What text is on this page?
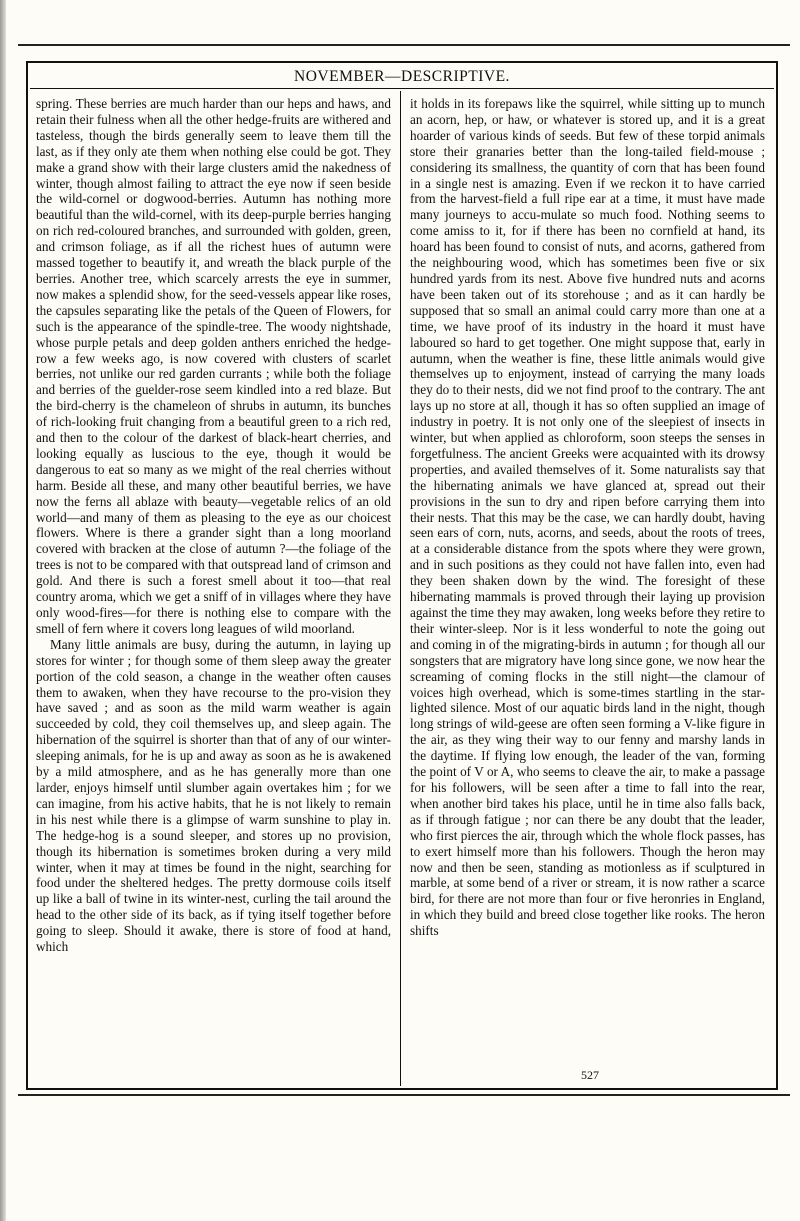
NOVEMBER—DESCRIPTIVE.

spring. These berries are much harder than our heps and haws, and retain their fulness when all the other hedge-fruits are withered and tasteless, though the birds generally seem to leave them till the last, as if they only ate them when nothing else could be got. They make a grand show with their large clusters amid the nakedness of winter, though almost failing to attract the eye now if seen beside the wild-cornel or dogwood-berries. Autumn has nothing more beautiful than the wild-cornel, with its deep-purple berries hanging on rich red-coloured branches, and surrounded with golden, green, and crimson foliage, as if all the richest hues of autumn were massed together to beautify it, and wreath the black purple of the berries. Another tree, which scarcely arrests the eye in summer, now makes a splendid show, for the seed-vessels appear like roses, the capsules separating like the petals of the Queen of Flowers, for such is the appearance of the spindle-tree. The woody nightshade, whose purple petals and deep golden anthers enriched the hedge-row a few weeks ago, is now covered with clusters of scarlet berries, not unlike our red garden currants ; while both the foliage and berries of the guelder-rose seem kindled into a red blaze. But the bird-cherry is the chameleon of shrubs in autumn, its bunches of rich-looking fruit changing from a beautiful green to a rich red, and then to the colour of the darkest of black-heart cherries, and looking equally as luscious to the eye, though it would be dangerous to eat so many as we might of the real cherries without harm. Beside all these, and many other beautiful berries, we have now the ferns all ablaze with beauty—vegetable relics of an old world—and many of them as pleasing to the eye as our choicest flowers. Where is there a grander sight than a long moorland covered with bracken at the close of autumn ?—the foliage of the trees is not to be compared with that outspread land of crimson and gold. And there is such a forest smell about it too—that real country aroma, which we get a sniff of in villages where they have only wood-fires—for there is nothing else to compare with the smell of fern where it covers long leagues of wild moorland.

Many little animals are busy, during the autumn, in laying up stores for winter ; for though some of them sleep away the greater portion of the cold season, a change in the weather often causes them to awaken, when they have recourse to the pro-vision they have saved ; and as soon as the mild warm weather is again succeeded by cold, they coil themselves up, and sleep again. The hibernation of the squirrel is shorter than that of any of our winter-sleeping animals, for he is up and away as soon as he is awakened by a mild atmosphere, and as he has generally more than one larder, enjoys himself until slumber again overtakes him ; for we can imagine, from his active habits, that he is not likely to remain in his nest while there is a glimpse of warm sunshine to play in. The hedge-hog is a sound sleeper, and stores up no provision, though its hibernation is sometimes broken during a very mild winter, when it may at times be found in the night, searching for food under the sheltered hedges. The pretty dormouse coils itself up like a ball of twine in its winter-nest, curling the tail around the head to the other side of its back, as if tying itself together before going to sleep. Should it awake, there is store of food at hand, which

it holds in its forepaws like the squirrel, while sitting up to munch an acorn, hep, or haw, or whatever is stored up, and it is a great hoarder of various kinds of seeds. But few of these torpid animals store their granaries better than the long-tailed field-mouse ; considering its smallness, the quantity of corn that has been found in a single nest is amazing. Even if we reckon it to have carried from the harvest-field a full ripe ear at a time, it must have made many journeys to accu-mulate so much food. Nothing seems to come amiss to it, for if there has been no cornfield at hand, its hoard has been found to consist of nuts, and acorns, gathered from the neighbouring wood, which has sometimes been five or six hundred yards from its nest. Above five hundred nuts and acorns have been taken out of its storehouse ; and as it can hardly be supposed that so small an animal could carry more than one at a time, we have proof of its industry in the hoard it must have laboured so hard to get together. One might suppose that, early in autumn, when the weather is fine, these little animals would give themselves up to enjoyment, instead of carrying the many loads they do to their nests, did we not find proof to the contrary. The ant lays up no store at all, though it has so often supplied an image of industry in poetry. It is not only one of the sleepiest of insects in winter, but when applied as chloroform, soon steeps the senses in forgetfulness. The ancient Greeks were acquainted with its drowsy properties, and availed themselves of it. Some naturalists say that the hibernating animals we have glanced at, spread out their provisions in the sun to dry and ripen before carrying them into their nests. That this may be the case, we can hardly doubt, having seen ears of corn, nuts, acorns, and seeds, about the roots of trees, at a considerable distance from the spots where they were grown, and in such positions as they could not have fallen into, even had they been shaken down by the wind. The foresight of these hibernating mammals is proved through their laying up provision against the time they may awaken, long weeks before they retire to their winter-sleep. Nor is it less wonderful to note the going out and coming in of the migrating-birds in autumn ; for though all our songsters that are migratory have long since gone, we now hear the screaming of coming flocks in the still night—the clamour of voices high overhead, which is some-times startling in the star-lighted silence. Most of our aquatic birds land in the night, though long strings of wild-geese are often seen forming a V-like figure in the air, as they wing their way to our fenny and marshy lands in the daytime. If flying low enough, the leader of the van, forming the point of V or A, who seems to cleave the air, to make a passage for his followers, will be seen after a time to fall into the rear, when another bird takes his place, until he in time also falls back, as if through fatigue ; nor can there be any doubt that the leader, who first pierces the air, through which the whole flock passes, has to exert himself more than his followers. Though the heron may now and then be seen, standing as motionless as if sculptured in marble, at some bend of a river or stream, it is now rather a scarce bird, for there are not more than four or five heronries in England, in which they build and breed close together like rooks. The heron shifts

527
